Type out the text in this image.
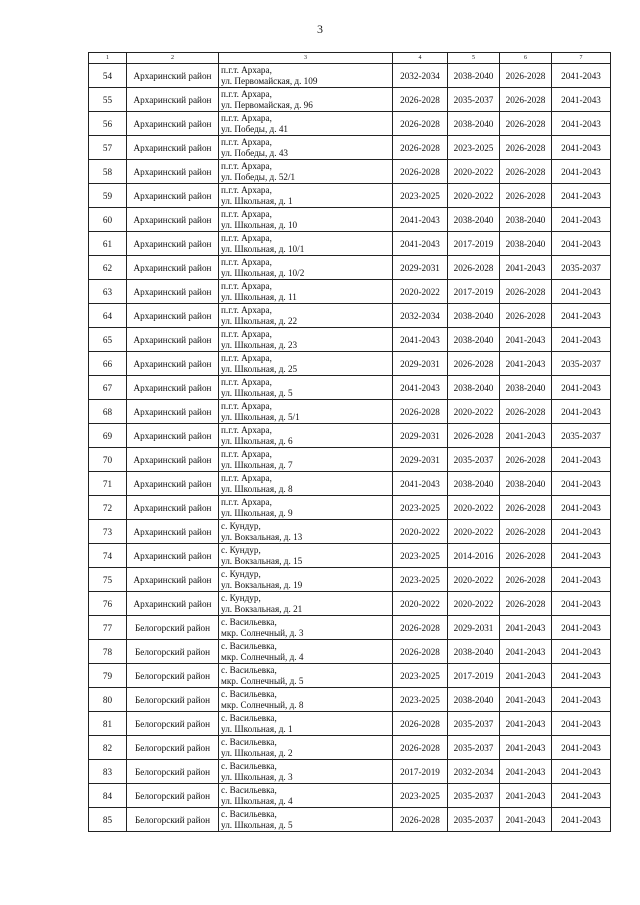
3
1	2	3	4	5	6	7
54	Архаринский район	п.г.т. Архара,
ул. Первомайская, д. 109	2032-2034	2038-2040	2026-2028	2041-2043
55	Архаринский район	п.г.т. Архара,
ул. Первомайская, д. 96	2026-2028	2035-2037	2026-2028	2041-2043
56	Архаринский район	п.г.т. Архара,
ул. Победы, д. 41	2026-2028	2038-2040	2026-2028	2041-2043
57	Архаринский район	п.г.т. Архара,
ул. Победы, д. 43	2026-2028	2023-2025	2026-2028	2041-2043
58	Архаринский район	п.г.т. Архара,
ул. Победы, д. 52/1	2026-2028	2020-2022	2026-2028	2041-2043
59	Архаринский район	п.г.т. Архара,
ул. Школьная, д. 1	2023-2025	2020-2022	2026-2028	2041-2043
60	Архаринский район	п.г.т. Архара,
ул. Школьная, д. 10	2041-2043	2038-2040	2038-2040	2041-2043
61	Архаринский район	п.г.т. Архара,
ул. Школьная, д. 10/1	2041-2043	2017-2019	2038-2040	2041-2043
62	Архаринский район	п.г.т. Архара,
ул. Школьная, д. 10/2	2029-2031	2026-2028	2041-2043	2035-2037
63	Архаринский район	п.г.т. Архара,
ул. Школьная, д. 11	2020-2022	2017-2019	2026-2028	2041-2043
64	Архаринский район	п.г.т. Архара,
ул. Школьная, д. 22	2032-2034	2038-2040	2026-2028	2041-2043
65	Архаринский район	п.г.т. Архара,
ул. Школьная, д. 23	2041-2043	2038-2040	2041-2043	2041-2043
66	Архаринский район	п.г.т. Архара,
ул. Школьная, д. 25	2029-2031	2026-2028	2041-2043	2035-2037
67	Архаринский район	п.г.т. Архара,
ул. Школьная, д. 5	2041-2043	2038-2040	2038-2040	2041-2043
68	Архаринский район	п.г.т. Архара,
ул. Школьная, д. 5/1	2026-2028	2020-2022	2026-2028	2041-2043
69	Архаринский район	п.г.т. Архара,
ул. Школьная, д. 6	2029-2031	2026-2028	2041-2043	2035-2037
70	Архаринский район	п.г.т. Архара,
ул. Школьная, д. 7	2029-2031	2035-2037	2026-2028	2041-2043
71	Архаринский район	п.г.т. Архара,
ул. Школьная, д. 8	2041-2043	2038-2040	2038-2040	2041-2043
72	Архаринский район	п.г.т. Архара,
ул. Школьная, д. 9	2023-2025	2020-2022	2026-2028	2041-2043
73	Архаринский район	с. Кундур,
ул. Вокзальная, д. 13	2020-2022	2020-2022	2026-2028	2041-2043
74	Архаринский район	с. Кундур,
ул. Вокзальная, д. 15	2023-2025	2014-2016	2026-2028	2041-2043
75	Архаринский район	с. Кундур,
ул. Вокзальная, д. 19	2023-2025	2020-2022	2026-2028	2041-2043
76	Архаринский район	с. Кундур,
ул. Вокзальная, д. 21	2020-2022	2020-2022	2026-2028	2041-2043
77	Белогорский район	с. Васильевка,
мкр. Солнечный, д. 3	2026-2028	2029-2031	2041-2043	2041-2043
78	Белогорский район	с. Васильевка,
мкр. Солнечный, д. 4	2026-2028	2038-2040	2041-2043	2041-2043
79	Белогорский район	с. Васильевка,
мкр. Солнечный, д. 5	2023-2025	2017-2019	2041-2043	2041-2043
80	Белогорский район	с. Васильевка,
мкр. Солнечный, д. 8	2023-2025	2038-2040	2041-2043	2041-2043
81	Белогорский район	с. Васильевка,
ул. Школьная, д. 1	2026-2028	2035-2037	2041-2043	2041-2043
82	Белогорский район	с. Васильевка,
ул. Школьная, д. 2	2026-2028	2035-2037	2041-2043	2041-2043
83	Белогорский район	с. Васильевка,
ул. Школьная, д. 3	2017-2019	2032-2034	2041-2043	2041-2043
84	Белогорский район	с. Васильевка,
ул. Школьная, д. 4	2023-2025	2035-2037	2041-2043	2041-2043
85	Белогорский район	с. Васильевка,
ул. Школьная, д. 5	2026-2028	2035-2037	2041-2043	2041-2043
